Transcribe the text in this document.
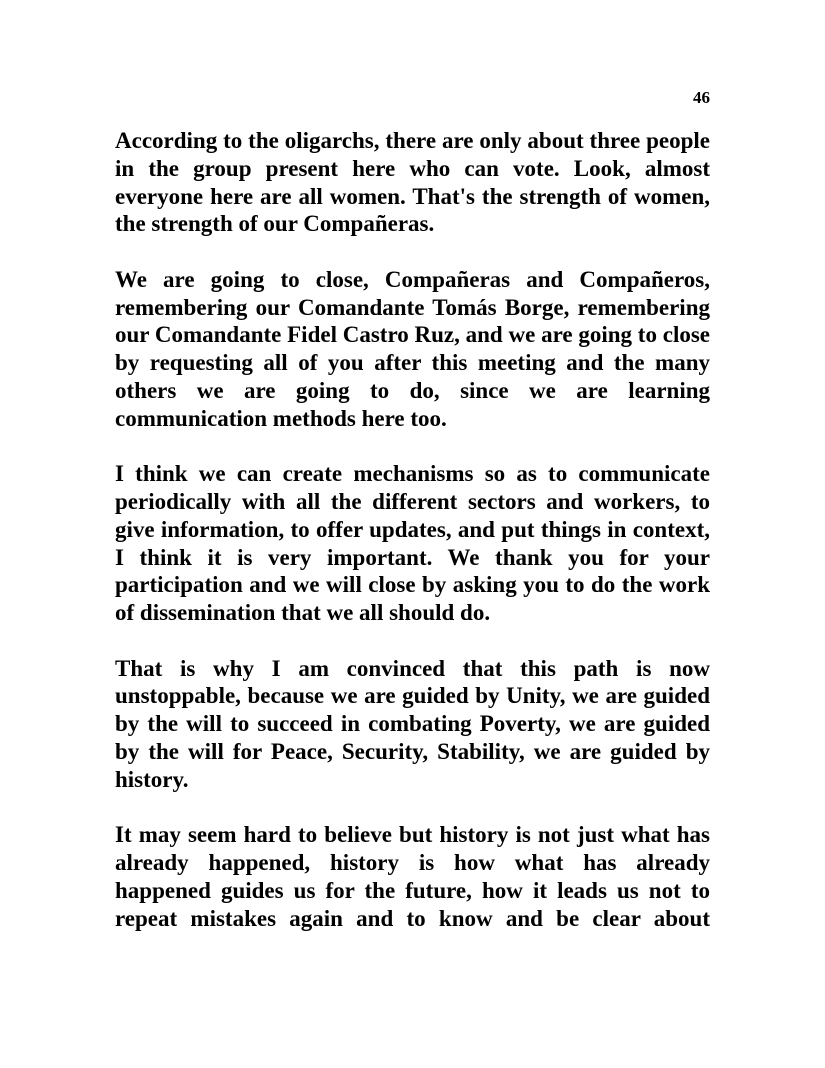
46

According to the oligarchs, there are only about three people in the group present here who can vote. Look, almost everyone here are all women. That's the strength of women, the strength of our Compañeras.

We are going to close, Compañeras and Compañeros, remembering our Comandante Tomás Borge, remembering our Comandante Fidel Castro Ruz, and we are going to close by requesting all of you after this meeting and the many others we are going to do, since we are learning communication methods here too.

I think we can create mechanisms so as to communicate periodically with all the different sectors and workers, to give information, to offer updates, and put things in context, I think it is very important. We thank you for your participation and we will close by asking you to do the work of dissemination that we all should do.

That is why I am convinced that this path is now unstoppable, because we are guided by Unity, we are guided by the will to succeed in combating Poverty, we are guided by the will for Peace, Security, Stability, we are guided by history.

It may seem hard to believe but history is not just what has already happened, history is how what has already happened guides us for the future, how it leads us not to repeat mistakes again and to know and be clear about
